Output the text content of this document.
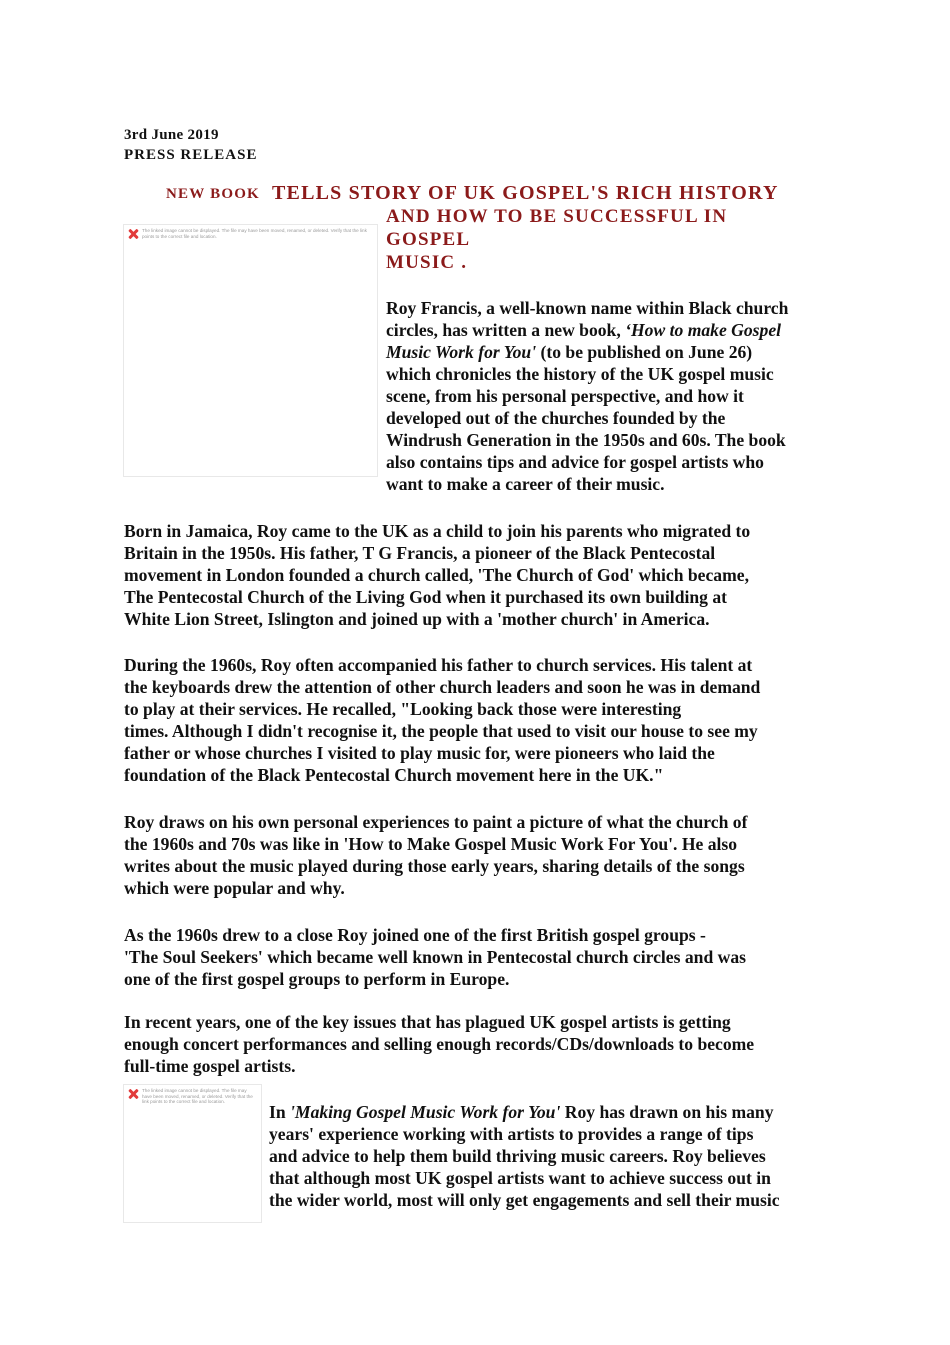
3rd June 2019
PRESS RELEASE
NEW BOOK TELLS STORY OF UK GOSPEL'S RICH HISTORY
AND HOW TO BE SUCCESSFUL IN
GOSPEL
MUSIC .
The linked image cannot be displayed. The file may have been moved, renamed, or deleted. Verify that the link points to the correct file and location.

Roy Francis, a well-known name within Black church
circles, has written a new book, ‘How to make Gospel
Music Work for You' (to be published on June 26)
which chronicles the history of the UK gospel music
scene, from his personal perspective, and how it
developed out of the churches founded by the
Windrush Generation in the 1950s and 60s. The book
also contains tips and advice for gospel artists who
want to make a career of their music.

Born in Jamaica, Roy came to the UK as a child to join his parents who migrated to
Britain in the 1950s. His father, T G Francis, a pioneer of the Black Pentecostal
movement in London founded a church called, 'The Church of God' which became,
The Pentecostal Church of the Living God when it purchased its own building at
White Lion Street, Islington and joined up with a 'mother church' in America.

During the 1960s, Roy often accompanied his father to church services. His talent at
the keyboards drew the attention of other church leaders and soon he was in demand
to play at their services. He recalled, "Looking back those were interesting
times. Although I didn't recognise it, the people that used to visit our house to see my
father or whose churches I visited to play music for, were pioneers who laid the
foundation of the Black Pentecostal Church movement here in the UK."

Roy draws on his own personal experiences to paint a picture of what the church of
the 1960s and 70s was like in 'How to Make Gospel Music Work For You'. He also
writes about the music played during those early years, sharing details of the songs
which were popular and why.

As the 1960s drew to a close Roy joined one of the first British gospel groups -
'The Soul Seekers' which became well known in Pentecostal church circles and was
one of the first gospel groups to perform in Europe.

In recent years, one of the key issues that has plagued UK gospel artists is getting
enough concert performances and selling enough records/CDs/downloads to become
full-time gospel artists.

The linked image cannot be displayed. The file may have been moved, renamed, or deleted. Verify that the link points to the correct file and location.

In 'Making Gospel Music Work for You' Roy has drawn on his many
years' experience working with artists to provides a range of tips
and advice to help them build thriving music careers. Roy believes
that although most UK gospel artists want to achieve success out in
the wider world, most will only get engagements and sell their music
